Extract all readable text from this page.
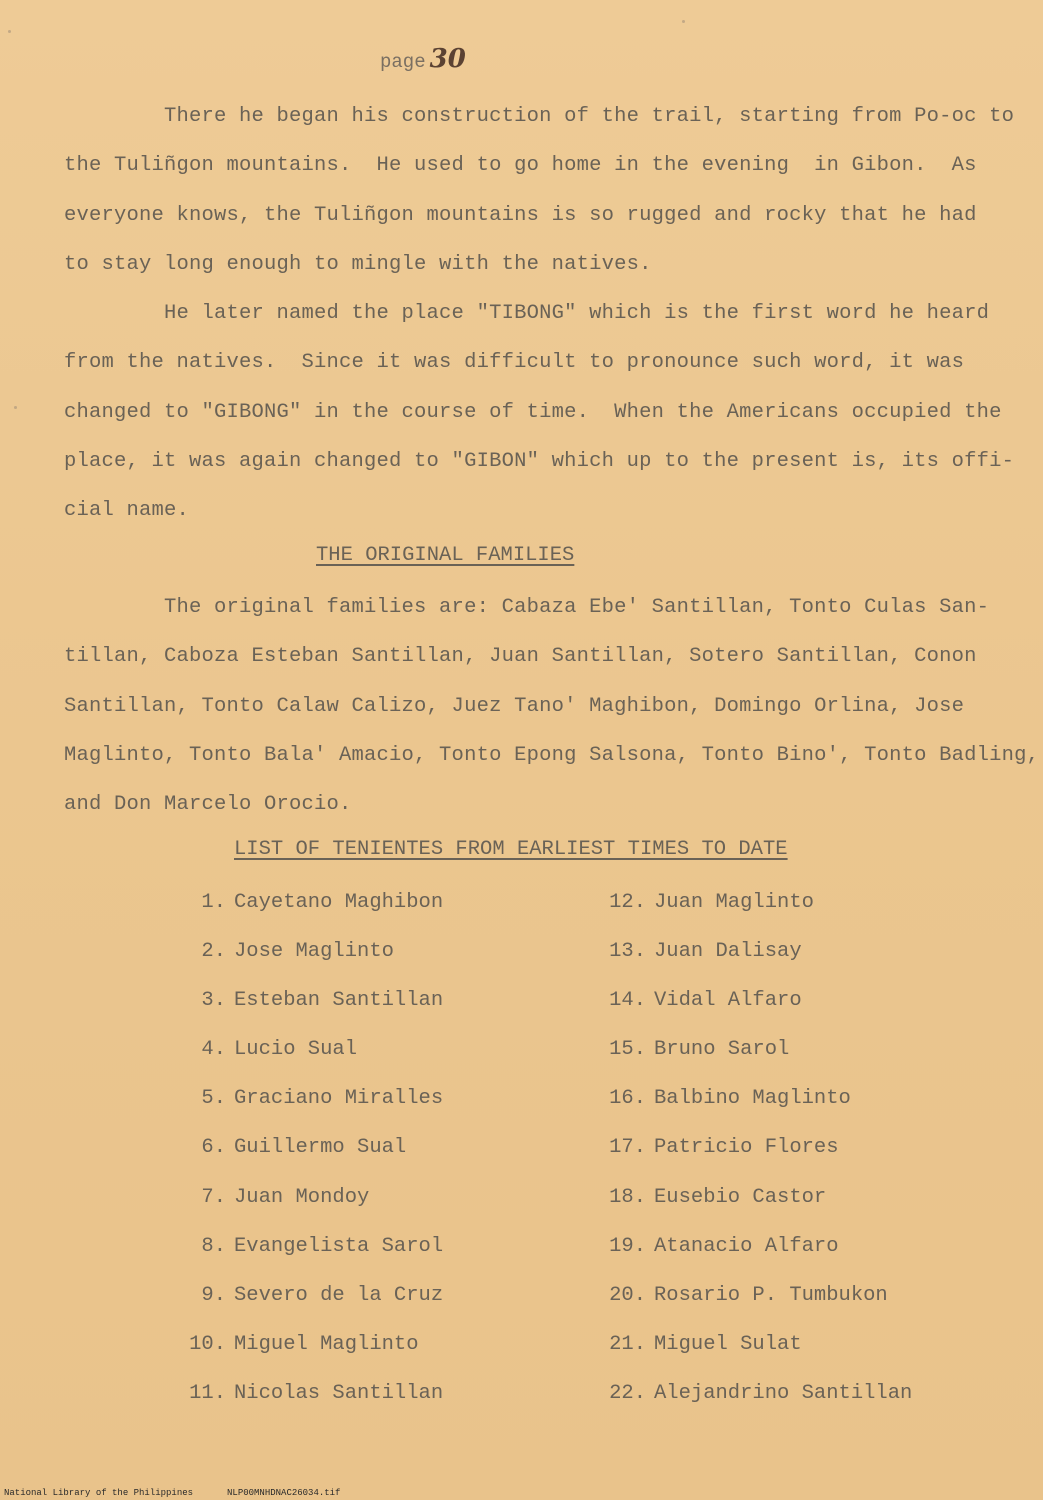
page 30

There he began his construction of the trail, starting from Po-oc to
the Tuliñgon mountains.  He used to go home in the evening  in Gibon.  As
everyone knows, the Tuliñgon mountains is so rugged and rocky that he had
to stay long enough to mingle with the natives.

He later named the place "TIBONG" which is the first word he heard
from the natives.  Since it was difficult to pronounce such word, it was
changed to "GIBONG" in the course of time.  When the Americans occupied the
place, it was again changed to "GIBON" which up to the present is, its offi-
cial name.

THE ORIGINAL FAMILIES

The original families are: Cabaza Ebe' Santillan, Tonto Culas San-
tillan, Caboza Esteban Santillan, Juan Santillan, Sotero Santillan, Conon
Santillan, Tonto Calaw Calizo, Juez Tano' Maghibon, Domingo Orlina, Jose
Maglinto, Tonto Bala' Amacio, Tonto Epong Salsona, Tonto Bino', Tonto Badling,
and Don Marcelo Orocio.

LIST OF TENIENTES FROM EARLIEST TIMES TO DATE
1. Cayetano Maghibon
2. Jose Maglinto
3. Esteban Santillan
4. Lucio Sual
5. Graciano Miralles
6. Guillermo Sual
7. Juan Mondoy
8. Evangelista Sarol
9. Severo de la Cruz
10. Miguel Maglinto
11. Nicolas Santillan
12. Juan Maglinto
13. Juan Dalisay
14. Vidal Alfaro
15. Bruno Sarol
16. Balbino Maglinto
17. Patricio Flores
18. Eusebio Castor
19. Atanacio Alfaro
20. Rosario P. Tumbukon
21. Miguel Sulat
22. Alejandrino Santillan
National Library of the Philippines	NLP00MNHDNAC26034.tif
